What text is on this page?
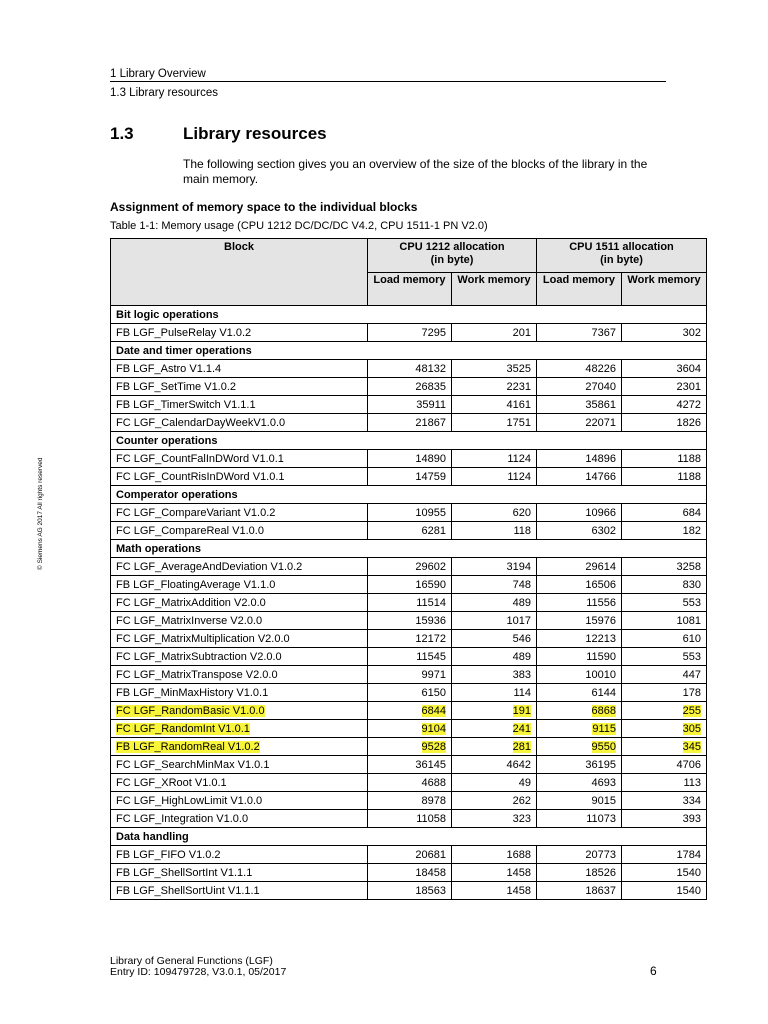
1 Library Overview
1.3 Library resources
1.3	Library resources
The following section gives you an overview of the size of the blocks of the library in the main memory.
Assignment of memory space to the individual blocks
Table 1-1: Memory usage (CPU 1212 DC/DC/DC V4.2, CPU 1511-1 PN V2.0)
© Siemens AG 2017 All rights reserved
Block	CPU 1212 allocation
(in byte)		CPU 1511 allocation
(in byte)	
	Load memory	Work memory	Load memory	Work memory
Bit logic operations				
FB LGF_PulseRelay V1.0.2	7295	201	7367	302
Date and timer operations				
FB LGF_Astro V1.1.4	48132	3525	48226	3604
FB LGF_SetTime V1.0.2	26835	2231	27040	2301
FB LGF_TimerSwitch V1.1.1	35911	4161	35861	4272
FC LGF_CalendarDayWeekV1.0.0	21867	1751	22071	1826
Counter operations				
FC LGF_CountFalInDWord V1.0.1	14890	1124	14896	1188
FC LGF_CountRisInDWord V1.0.1	14759	1124	14766	1188
Comperator operations				
FC LGF_CompareVariant V1.0.2	10955	620	10966	684
FC LGF_CompareReal V1.0.0	6281	118	6302	182
Math operations				
FC LGF_AverageAndDeviation V1.0.2	29602	3194	29614	3258
FB LGF_FloatingAverage V1.1.0	16590	748	16506	830
FC LGF_MatrixAddition V2.0.0	11514	489	11556	553
FC LGF_MatrixInverse V2.0.0	15936	1017	15976	1081
FC LGF_MatrixMultiplication V2.0.0	12172	546	12213	610
FC LGF_MatrixSubtraction V2.0.0	11545	489	11590	553
FC LGF_MatrixTranspose V2.0.0	9971	383	10010	447
FB LGF_MinMaxHistory V1.0.1	6150	114	6144	178
FC LGF_RandomBasic V1.0.0	6844	191	6868	255
FC LGF_RandomInt V1.0.1	9104	241	9115	305
FB LGF_RandomReal V1.0.2	9528	281	9550	345
FC LGF_SearchMinMax V1.0.1	36145	4642	36195	4706
FC LGF_XRoot V1.0.1	4688	49	4693	113
FC LGF_HighLowLimit V1.0.0	8978	262	9015	334
FC LGF_Integration V1.0.0	11058	323	11073	393
Data handling				
FB LGF_FIFO V1.0.2	20681	1688	20773	1784
FB LGF_ShellSortInt V1.1.1	18458	1458	18526	1540
FB LGF_ShellSortUint V1.1.1	18563	1458	18637	1540
Library of General Functions (LGF)
Entry ID: 109479728, V3.0.1, 05/2017	6
